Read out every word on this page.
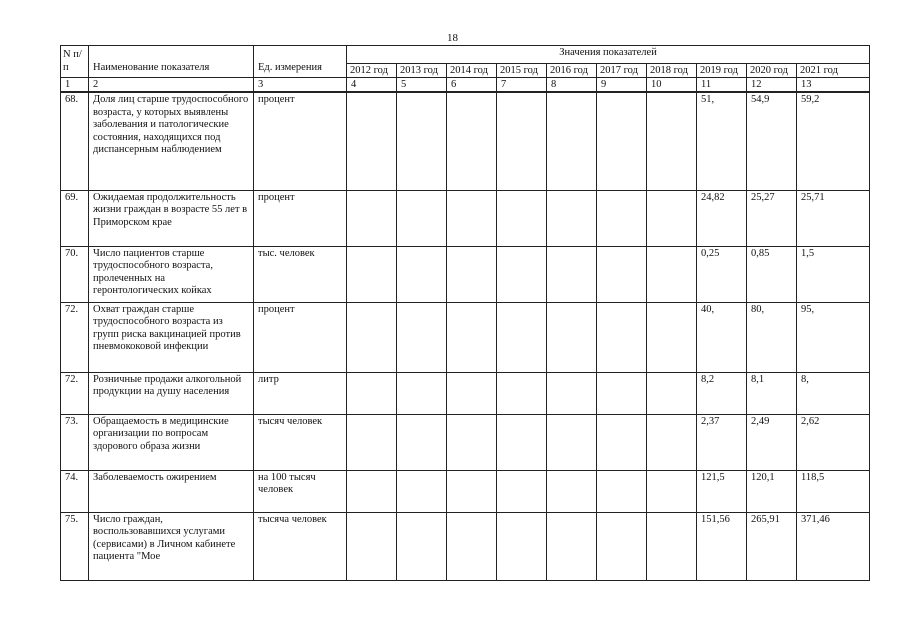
18
N п/п	Наименование показателя	Ед. измерения	Значения показателей									
			2012 год	2013 год	2014 год	2015 год	2016 год	2017 год	2018 год	2019 год	2020 год	2021 год
1	2	3	4	5	6	7	8	9	10	11	12	13
68.	Доля лиц старше трудоспособного возраста, у которых выявлены заболевания и патологические состояния, находящихся под диспансерным наблюдением	процент								51,	54,9	59,2
69.	Ожидаемая продолжительность жизни граждан в возрасте 55 лет в Приморском крае	процент								24,82	25,27	25,71
70.	Число пациентов старше трудоспособного возраста, пролеченных на геронтологических койках	тыс. человек								0,25	0,85	1,5
72.	Охват граждан старше трудоспособного возраста из групп риска вакцинацией против пневмококовой инфекции	процент								40,	80,	95,
72.	Розничные продажи алкогольной продукции на душу населения	литр								8,2	8,1	8,
73.	Обращаемость в медицинские организации по вопросам здорового образа жизни	тысяч человек								2,37	2,49	2,62
74.	Заболеваемость ожирением	на 100 тысяч человек								121,5	120,1	118,5
75.	Число граждан, воспользовавшихся услугами (сервисами) в Личном кабинете пациента "Мое	тысяча человек								151,56	265,91	371,46
